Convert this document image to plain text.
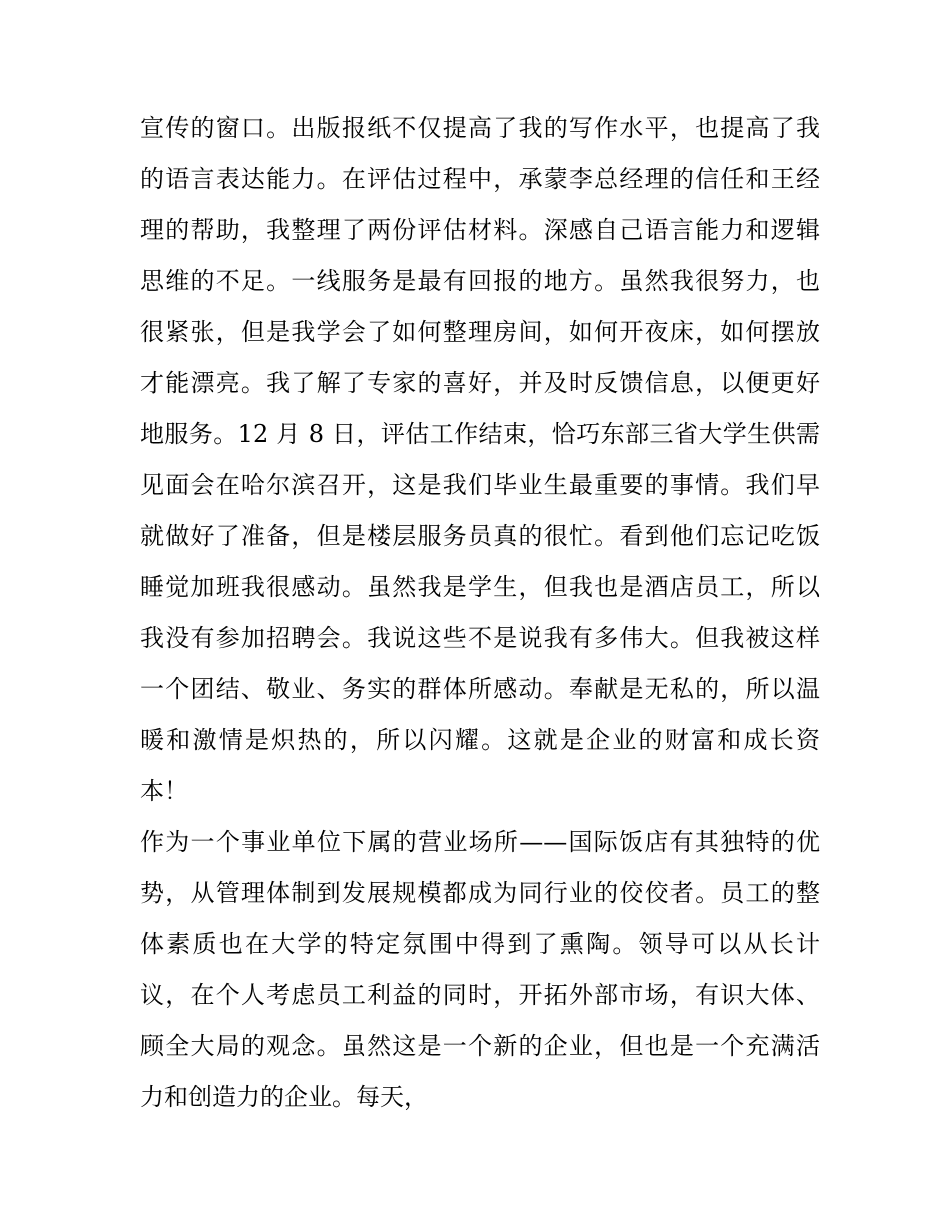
宣传的窗口。出版报纸不仅提高了我的写作水平，也提高了我
的语言表达能力。在评估过程中，承蒙李总经理的信任和王经
理的帮助，我整理了两份评估材料。深感自己语言能力和逻辑
思维的不足。一线服务是最有回报的地方。虽然我很努力，也
很紧张，但是我学会了如何整理房间，如何开夜床，如何摆放
才能漂亮。我了解了专家的喜好，并及时反馈信息，以便更好
地服务。12 月 8 日，评估工作结束，恰巧东部三省大学生供需
见面会在哈尔滨召开，这是我们毕业生最重要的事情。我们早
就做好了准备，但是楼层服务员真的很忙。看到他们忘记吃饭
睡觉加班我很感动。虽然我是学生，但我也是酒店员工，所以
我没有参加招聘会。我说这些不是说我有多伟大。但我被这样
一个团结、敬业、务实的群体所感动。奉献是无私的，所以温
暖和激情是炽热的，所以闪耀。这就是企业的财富和成长资
本！
作为一个事业单位下属的营业场所——国际饭店有其独特的优
势，从管理体制到发展规模都成为同行业的佼佼者。员工的整
体素质也在大学的特定氛围中得到了熏陶。领导可以从长计
议，在个人考虑员工利益的同时，开拓外部市场，有识大体、
顾全大局的观念。虽然这是一个新的企业，但也是一个充满活
力和创造力的企业。每天，
